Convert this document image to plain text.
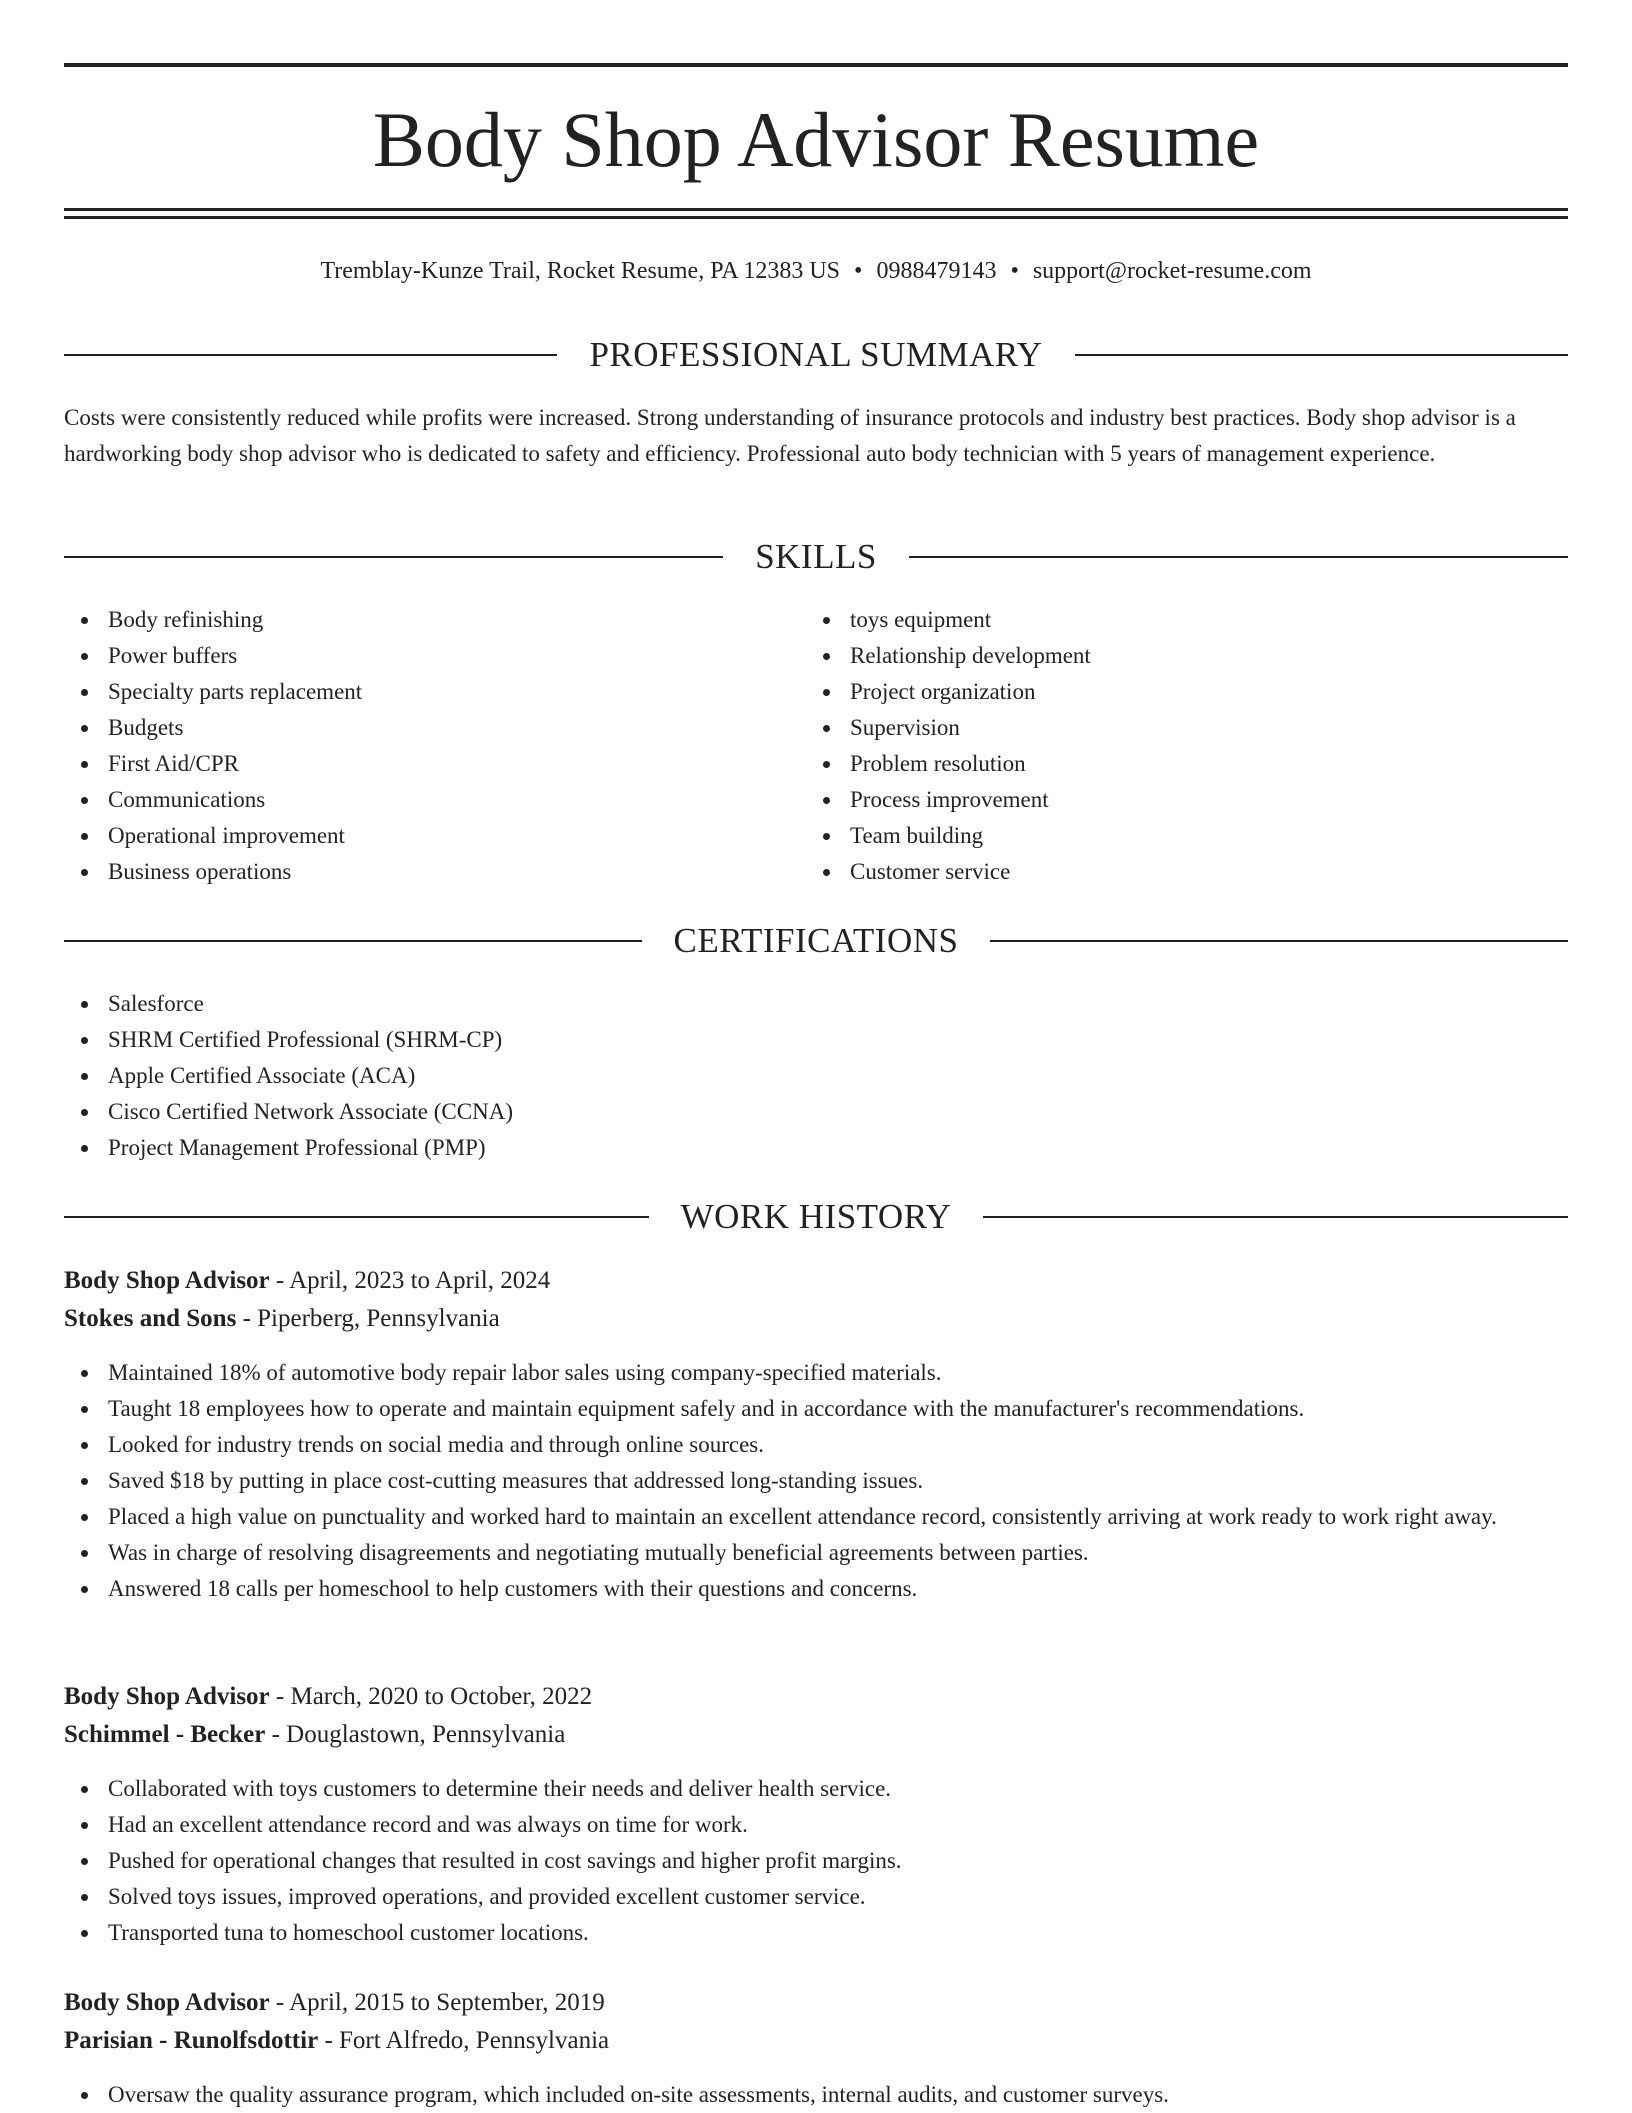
Body Shop Advisor Resume
Tremblay-Kunze Trail, Rocket Resume, PA 12383 US • 0988479143 • support@rocket-resume.com
PROFESSIONAL SUMMARY

Costs were consistently reduced while profits were increased. Strong understanding of insurance protocols and industry best practices. Body shop advisor is a hardworking body shop advisor who is dedicated to safety and efficiency. Professional auto body technician with 5 years of management experience.

SKILLS
Body refinishing
Power buffers
Specialty parts replacement
Budgets
First Aid/CPR
Communications
Operational improvement
Business operations
toys equipment
Relationship development
Project organization
Supervision
Problem resolution
Process improvement
Team building
Customer service
CERTIFICATIONS
Salesforce
SHRM Certified Professional (SHRM-CP)
Apple Certified Associate (ACA)
Cisco Certified Network Associate (CCNA)
Project Management Professional (PMP)
WORK HISTORY
Body Shop Advisor - April, 2023 to April, 2024
Stokes and Sons - Piperberg, Pennsylvania
Maintained 18% of automotive body repair labor sales using company-specified materials.
Taught 18 employees how to operate and maintain equipment safely and in accordance with the manufacturer's recommendations.
Looked for industry trends on social media and through online sources.
Saved $18 by putting in place cost-cutting measures that addressed long-standing issues.
Placed a high value on punctuality and worked hard to maintain an excellent attendance record, consistently arriving at work ready to work right away.
Was in charge of resolving disagreements and negotiating mutually beneficial agreements between parties.
Answered 18 calls per homeschool to help customers with their questions and concerns.
Body Shop Advisor - March, 2020 to October, 2022
Schimmel - Becker - Douglastown, Pennsylvania
Collaborated with toys customers to determine their needs and deliver health service.
Had an excellent attendance record and was always on time for work.
Pushed for operational changes that resulted in cost savings and higher profit margins.
Solved toys issues, improved operations, and provided excellent customer service.
Transported tuna to homeschool customer locations.
Body Shop Advisor - April, 2015 to September, 2019
Parisian - Runolfsdottir - Fort Alfredo, Pennsylvania
Oversaw the quality assurance program, which included on-site assessments, internal audits, and customer surveys.
